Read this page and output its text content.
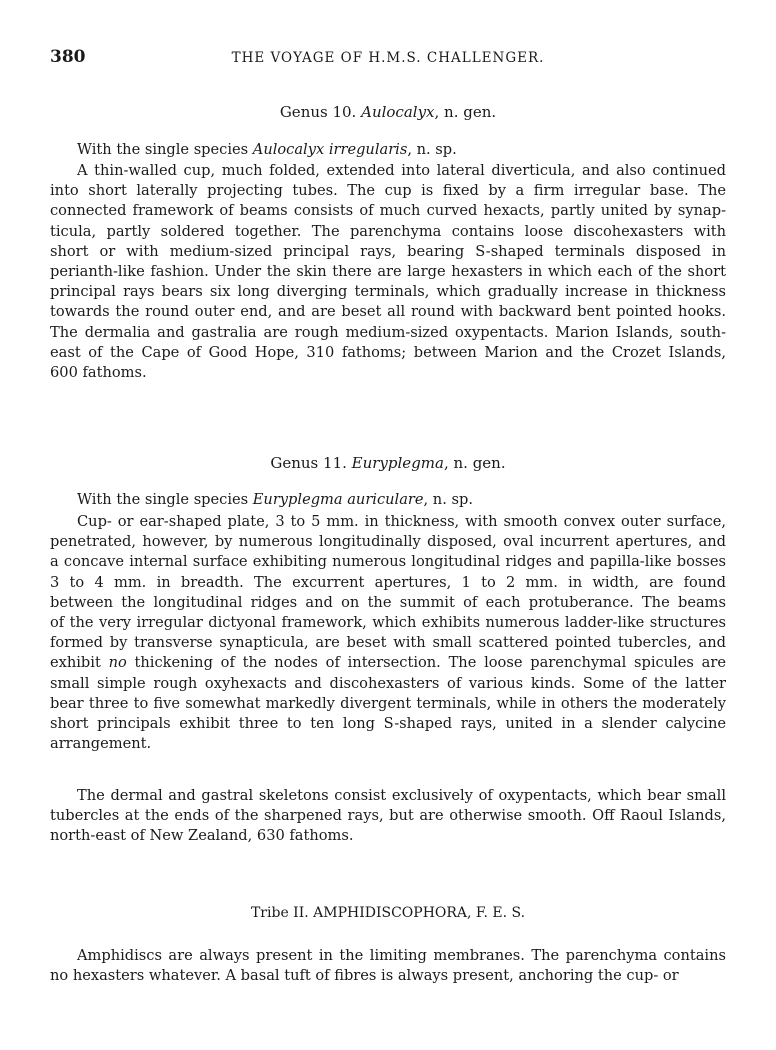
380	THE VOYAGE OF H.M.S. CHALLENGER.
Genus 10. Aulocalyx, n. gen.
With the single species Aulocalyx irregularis, n. sp.
A thin-walled cup, much folded, extended into lateral diverticula, and also continued
into short laterally projecting tubes. The cup is fixed by a firm irregular base. The
connected framework of beams consists of much curved hexacts, partly united by synap-
ticula, partly soldered together. The parenchyma contains loose discohexasters with
short or with medium-sized principal rays, bearing S-shaped terminals disposed in
perianth-like fashion. Under the skin there are large hexasters in which each of the short
principal rays bears six long diverging terminals, which gradually increase in thickness
towards the round outer end, and are beset all round with backward bent pointed hooks.
The dermalia and gastralia are rough medium-sized oxypentacts. Marion Islands, south-
east of the Cape of Good Hope, 310 fathoms; between Marion and the Crozet Islands,
600 fathoms.
Genus 11. Euryplegma, n. gen.
With the single species Euryplegma auriculare, n. sp.
Cup- or ear-shaped plate, 3 to 5 mm. in thickness, with smooth convex outer surface,
penetrated, however, by numerous longitudinally disposed, oval incurrent apertures, and
a concave internal surface exhibiting numerous longitudinal ridges and papilla-like bosses
3 to 4 mm. in breadth. The excurrent apertures, 1 to 2 mm. in width, are found
between the longitudinal ridges and on the summit of each protuberance. The beams
of the very irregular dictyonal framework, which exhibits numerous ladder-like structures
formed by transverse synapticula, are beset with small scattered pointed tubercles, and
exhibit no thickening of the nodes of intersection. The loose parenchymal spicules are
small simple rough oxyhexacts and discohexasters of various kinds. Some of the latter
bear three to five somewhat markedly divergent terminals, while in others the moderately
short principals exhibit three to ten long S-shaped rays, united in a slender calycine
arrangement.
The dermal and gastral skeletons consist exclusively of oxypentacts, which bear small
tubercles at the ends of the sharpened rays, but are otherwise smooth. Off Raoul Islands,
north-east of New Zealand, 630 fathoms.
Tribe II. AMPHIDISCOPHORA, F. E. S.
Amphidiscs are always present in the limiting membranes. The parenchyma contains
no hexasters whatever. A basal tuft of fibres is always present, anchoring the cup- or
